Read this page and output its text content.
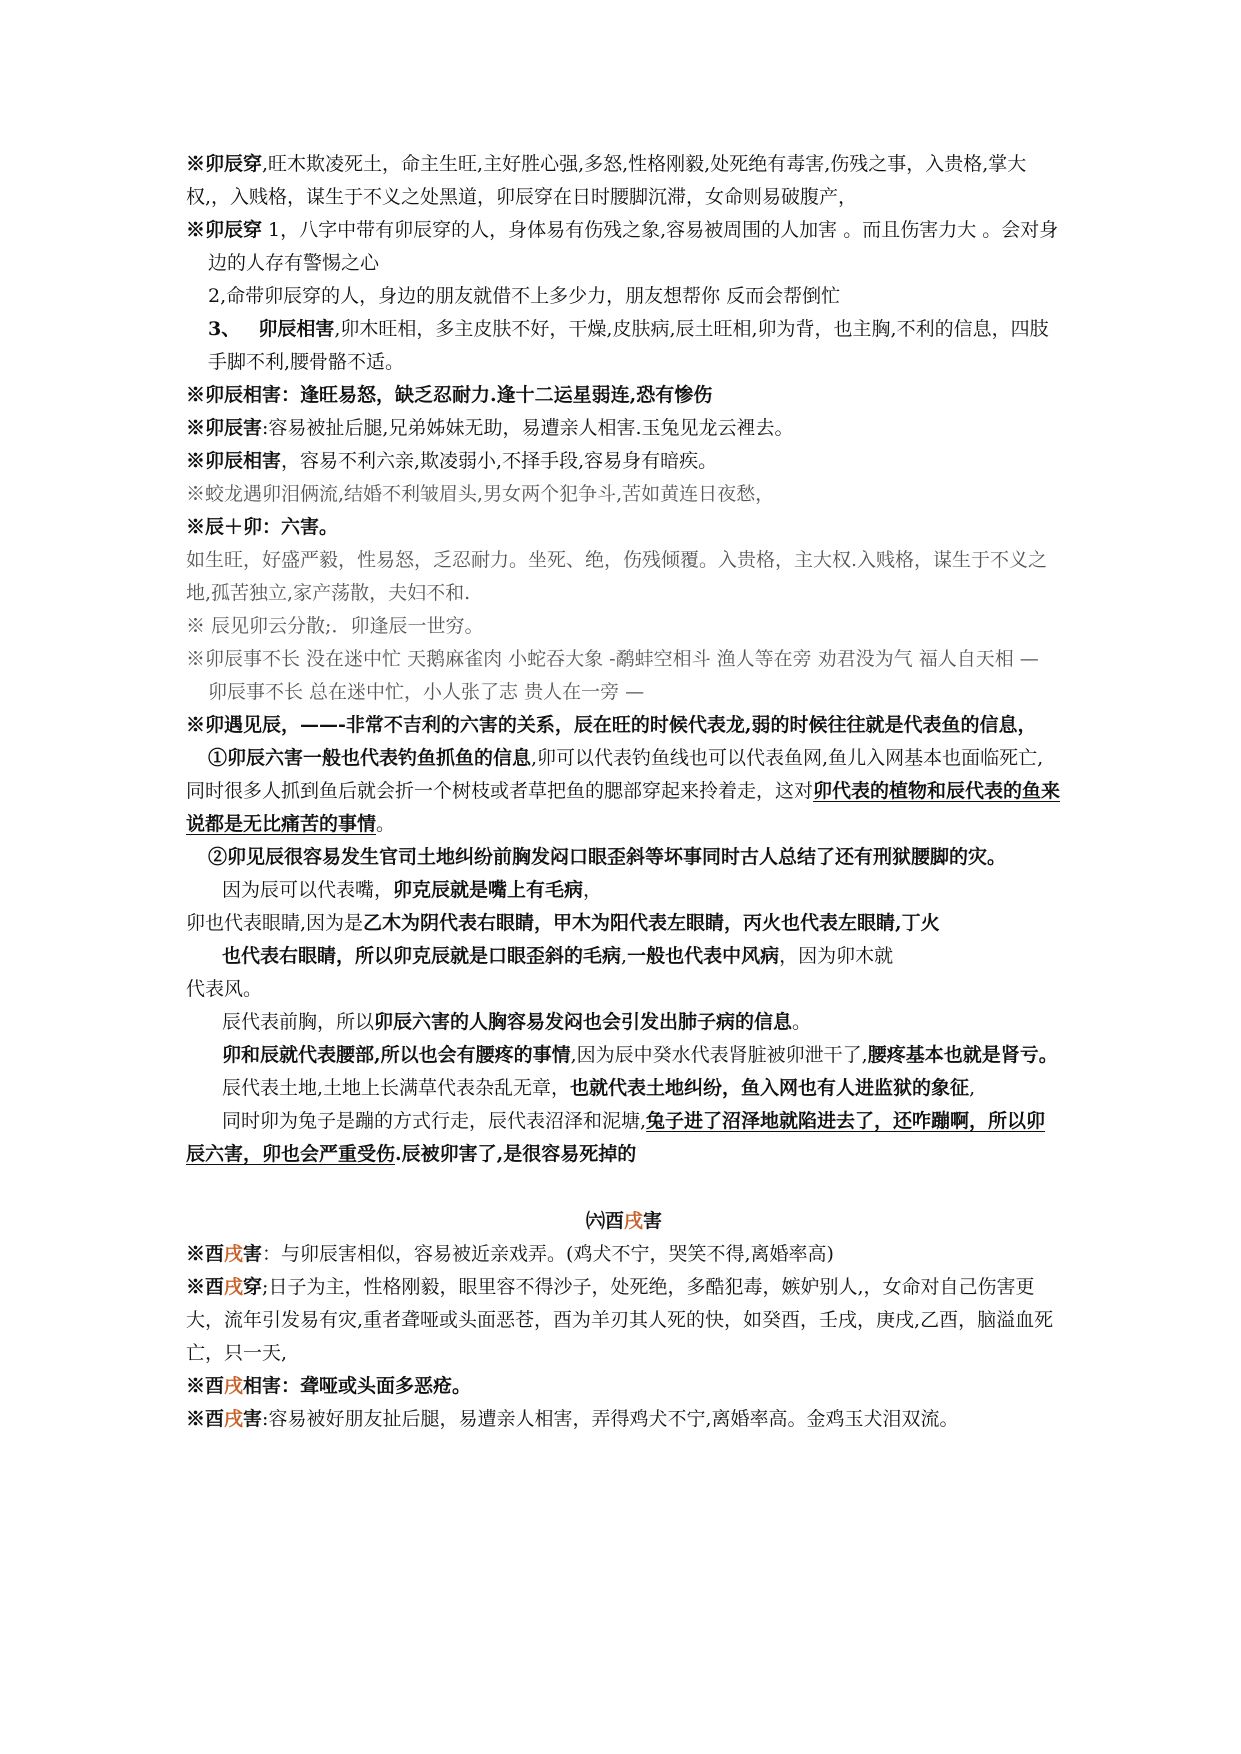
※卯辰穿,旺木欺凌死土，命主生旺,主好胜心强,多怒,性格刚毅,处死绝有毒害,伤残之事，入贵格,掌大权,，入贱格，谋生于不义之处黑道，卯辰穿在日时腰脚沉滞，女命则易破腹产，

※卯辰穿 1，八字中带有卯辰穿的人，身体易有伤残之象,容易被周围的人加害 。而且伤害力大 。会对身边的人存有警惕之心

2,命带卯辰穿的人，身边的朋友就借不上多少力，朋友想帮你 反而会帮倒忙

3、 卯辰相害,卯木旺相，多主皮肤不好，干燥,皮肤病,辰土旺相,卯为背，也主胸,不利的信息，四肢手脚不利,腰骨骼不适。

※卯辰相害：逢旺易怒，缺乏忍耐力.逢十二运星弱连,恐有惨伤

※卯辰害:容易被扯后腿,兄弟姊妹无助，易遭亲人相害.玉兔见龙云裡去。

※卯辰相害，容易不利六亲,欺凌弱小,不择手段,容易身有暗疾。

※蛟龙遇卯泪俩流,结婚不利皱眉头,男女两个犯争斗,苦如黄连日夜愁，

※辰＋卯：六害。

如生旺，好盛严毅，性易怒，乏忍耐力。坐死、绝，伤残倾覆。入贵格，主大权.入贱格，谋生于不义之地,孤苦独立,家产荡散，夫妇不和.

※ 辰见卯云分散;．卯逢辰一世穷。

※卯辰事不长 没在迷中忙 天鹅麻雀肉 小蛇吞大象 -鹬蚌空相斗 渔人等在旁 劝君没为气 福人自天相 —

卯辰事不长 总在迷中忙，小人张了志 贵人在一旁 —

※卯遇见辰，——-非常不吉利的六害的关系，辰在旺的时候代表龙,弱的时候往往就是代表鱼的信息，

①卯辰六害一般也代表钓鱼抓鱼的信息,卯可以代表钓鱼线也可以代表鱼网,鱼儿入网基本也面临死亡,同时很多人抓到鱼后就会折一个树枝或者草把鱼的腮部穿起来拎着走，这对卯代表的植物和辰代表的鱼来说都是无比痛苦的事情。

②卯见辰很容易发生官司土地纠纷前胸发闷口眼歪斜等坏事同时古人总结了还有刑狱腰脚的灾。

因为辰可以代表嘴，卯克辰就是嘴上有毛病，

卯也代表眼睛,因为是乙木为阴代表右眼睛，甲木为阳代表左眼睛，丙火也代表左眼睛,丁火

也代表右眼睛，所以卯克辰就是口眼歪斜的毛病,一般也代表中风病，因为卯木就

代表风。

辰代表前胸，所以卯辰六害的人胸容易发闷也会引发出肺子病的信息。

卯和辰就代表腰部,所以也会有腰疼的事情,因为辰中癸水代表肾脏被卯泄干了,腰疼基本也就是肾亏。

辰代表土地,土地上长满草代表杂乱无章，也就代表土地纠纷，鱼入网也有人进监狱的象征,

同时卯为兔子是蹦的方式行走，辰代表沼泽和泥塘,兔子进了沼泽地就陷进去了，还咋蹦啊，所以卯辰六害，卯也会严重受伤.辰被卯害了,是很容易死掉的

㈥酉戌害

※酉戌害：与卯辰害相似，容易被近亲戏弄。(鸡犬不宁，哭笑不得,离婚率高)

※酉戌穿;日子为主，性格刚毅，眼里容不得沙子，处死绝，多酷犯毒，嫉妒别人,，女命对自己伤害更大，流年引发易有灾,重者聋哑或头面恶苍，酉为羊刃其人死的快，如癸酉，壬戌，庚戌,乙酉，脑溢血死亡，只一天,

※酉戌相害：聋哑或头面多恶疮。

※酉戌害:容易被好朋友扯后腿，易遭亲人相害，弄得鸡犬不宁,离婚率高。金鸡玉犬泪双流。
